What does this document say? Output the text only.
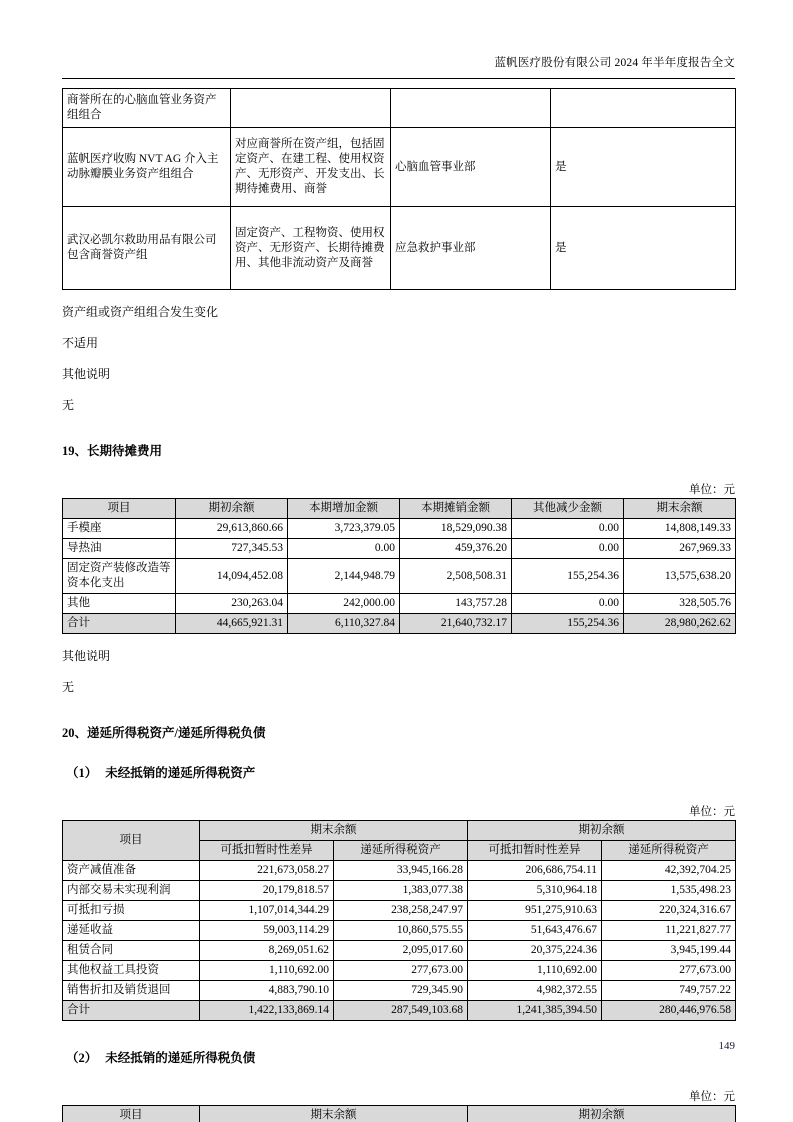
蓝帆医疗股份有限公司 2024 年半年度报告全文
商誉所在的心脑血管业务资产组组合			
蓝帆医疗收购 NVT AG 介入主动脉瓣膜业务资产组组合	对应商誉所在资产组，包括固定资产、在建工程、使用权资产、无形资产、开发支出、长期待摊费用、商誉	心脑血管事业部	是
武汉必凯尔救助用品有限公司包含商誉资产组	固定资产、工程物资、使用权资产、无形资产、长期待摊费用、其他非流动资产及商誉	应急救护事业部	是

资产组或资产组组合发生变化

不适用

其他说明

无

19、长期待摊费用

单位：元
项目	期初余额	本期增加金额	本期摊销金额	其他减少金额	期末余额
手模座	29,613,860.66	3,723,379.05	18,529,090.38	0.00	14,808,149.33
导热油	727,345.53	0.00	459,376.20	0.00	267,969.33
固定资产装修改造等资本化支出	14,094,452.08	2,144,948.79	2,508,508.31	155,254.36	13,575,638.20
其他	230,263.04	242,000.00	143,757.28	0.00	328,505.76
合计	44,665,921.31	6,110,327.84	21,640,732.17	155,254.36	28,980,262.62

其他说明

无

20、递延所得税资产/递延所得税负债

（1） 未经抵销的递延所得税资产

单位：元
项目	期末余额		期初余额	
	可抵扣暂时性差异	递延所得税资产	可抵扣暂时性差异	递延所得税资产
资产减值准备	221,673,058.27	33,945,166.28	206,686,754.11	42,392,704.25
内部交易未实现利润	20,179,818.57	1,383,077.38	5,310,964.18	1,535,498.23
可抵扣亏损	1,107,014,344.29	238,258,247.97	951,275,910.63	220,324,316.67
递延收益	59,003,114.29	10,860,575.55	51,643,476.67	11,221,827.77
租赁合同	8,269,051.62	2,095,017.60	20,375,224.36	3,945,199.44
其他权益工具投资	1,110,692.00	277,673.00	1,110,692.00	277,673.00
销售折扣及销货退回	4,883,790.10	729,345.90	4,982,372.55	749,757.22
合计	1,422,133,869.14	287,549,103.68	1,241,385,394.50	280,446,976.58

（2） 未经抵销的递延所得税负债

单位：元
项目	期末余额	期初余额
149
